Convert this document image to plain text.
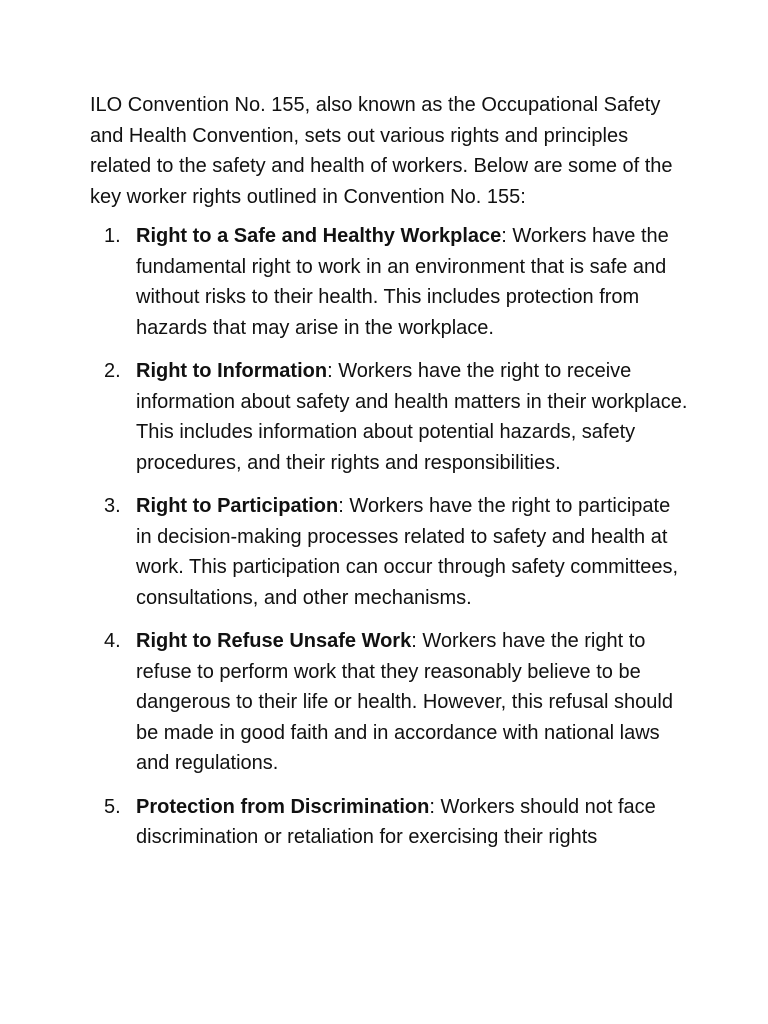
ILO Convention No. 155, also known as the Occupational Safety and Health Convention, sets out various rights and principles related to the safety and health of workers. Below are some of the key worker rights outlined in Convention No. 155:

1. Right to a Safe and Healthy Workplace: Workers have the fundamental right to work in an environment that is safe and without risks to their health. This includes protection from hazards that may arise in the workplace.
2. Right to Information: Workers have the right to receive information about safety and health matters in their workplace. This includes information about potential hazards, safety procedures, and their rights and responsibilities.
3. Right to Participation: Workers have the right to participate in decision-making processes related to safety and health at work. This participation can occur through safety committees, consultations, and other mechanisms.
4. Right to Refuse Unsafe Work: Workers have the right to refuse to perform work that they reasonably believe to be dangerous to their life or health. However, this refusal should be made in good faith and in accordance with national laws and regulations.
5. Protection from Discrimination: Workers should not face discrimination or retaliation for exercising their rights
